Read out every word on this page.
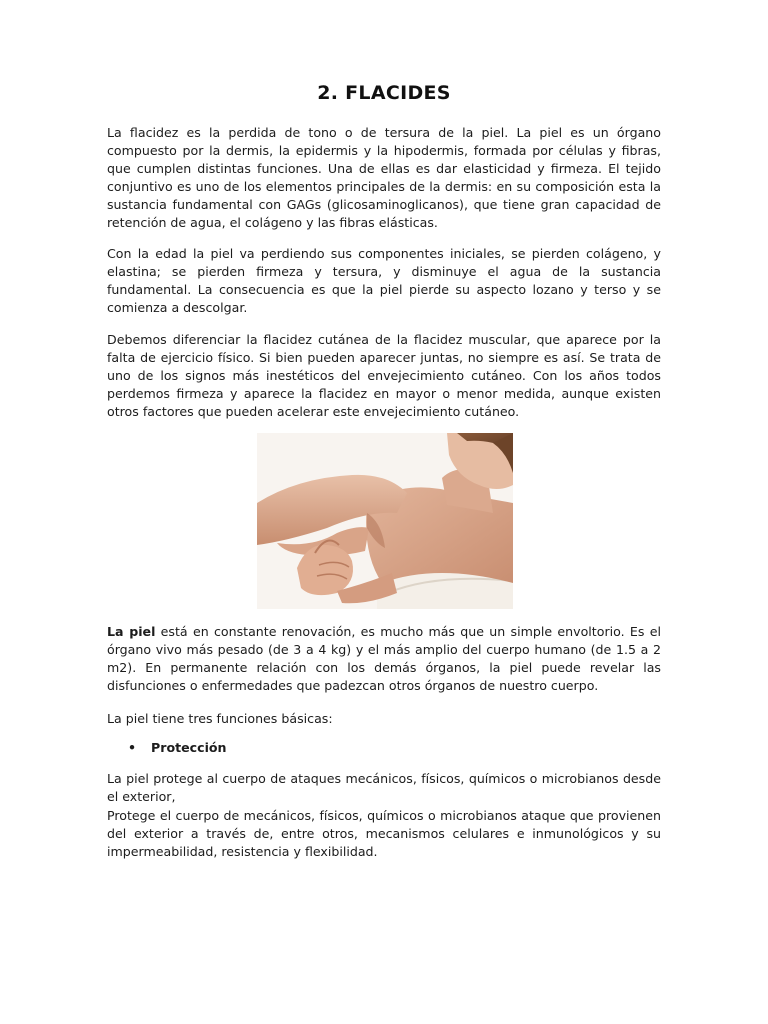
2. FLACIDES
La flacidez es la perdida de tono o de tersura de la piel. La piel es un órgano compuesto por la dermis, la epidermis y la hipodermis, formada por células y fibras, que cumplen distintas funciones. Una de ellas es dar elasticidad y firmeza. El tejido conjuntivo es uno de los elementos principales de la dermis: en su composición esta la sustancia fundamental con GAGs (glicosaminoglicanos), que tiene gran capacidad de retención de agua, el colágeno y las fibras elásticas.
Con la edad la piel va perdiendo sus componentes iniciales, se pierden colágeno, y elastina; se pierden firmeza y tersura, y disminuye el agua de la sustancia fundamental. La consecuencia es que la piel pierde su aspecto lozano y terso y se comienza a descolgar.
Debemos diferenciar la flacidez cutánea de la flacidez muscular, que aparece por la falta de ejercicio físico. Si bien pueden aparecer juntas, no siempre es así. Se trata de uno de los signos más inestéticos del envejecimiento cutáneo. Con los años todos perdemos firmeza y aparece la flacidez en mayor o menor medida, aunque existen otros factores que pueden acelerar este envejecimiento cutáneo.
La piel está en constante renovación, es mucho más que un simple envoltorio. Es el órgano vivo más pesado (de 3 a 4 kg) y el más amplio del cuerpo humano (de 1.5 a 2 m2). En permanente relación con los demás órganos, la piel puede revelar las disfunciones o enfermedades que padezcan otros órganos de nuestro cuerpo.
La piel tiene tres funciones básicas:
• Protección
La piel protege al cuerpo de ataques mecánicos, físicos, químicos o microbianos desde el exterior,
Protege el cuerpo de mecánicos, físicos, químicos o microbianos ataque que provienen del exterior a través de, entre otros, mecanismos celulares e inmunológicos y su impermeabilidad, resistencia y flexibilidad.
